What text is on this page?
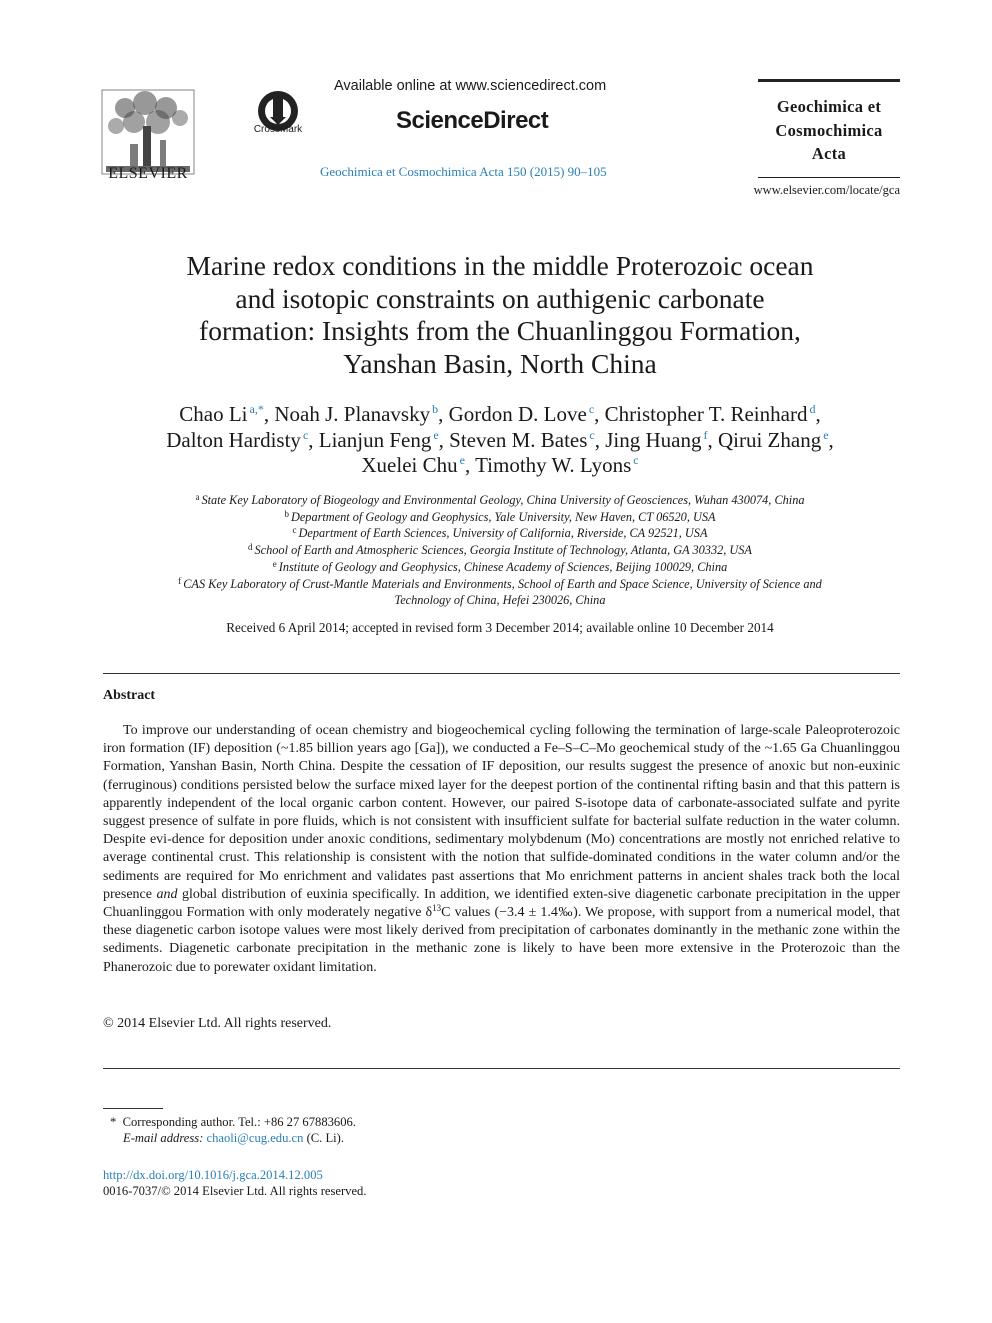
ELSEVIER
CrossMark
Available online at www.sciencedirect.com
ScienceDirect
Geochimica et Cosmochimica Acta 150 (2015) 90–105
Geochimica et
Cosmochimica
Acta
www.elsevier.com/locate/gca
Marine redox conditions in the middle Proterozoic ocean
and isotopic constraints on authigenic carbonate
formation: Insights from the Chuanlinggou Formation,
Yanshan Basin, North China
Chao Li $^{a,*}$, Noah J. Planavsky $^b$, Gordon D. Love $^c$, Christopher T. Reinhard $^d$,
Dalton Hardisty $^c$, Lianjun Feng $^e$, Steven M. Bates $^c$, Jing Huang $^f$, Qirui Zhang $^e$,
Xuelei Chu $^e$, Timothy W. Lyons $^c$
$^a$ State Key Laboratory of Biogeology and Environmental Geology, China University of Geosciences, Wuhan 430074, China
$^b$ Department of Geology and Geophysics, Yale University, New Haven, CT 06520, USA
$^c$ Department of Earth Sciences, University of California, Riverside, CA 92521, USA
$^d$ School of Earth and Atmospheric Sciences, Georgia Institute of Technology, Atlanta, GA 30332, USA
$^e$ Institute of Geology and Geophysics, Chinese Academy of Sciences, Beijing 100029, China
$^f$ CAS Key Laboratory of Crust-Mantle Materials and Environments, School of Earth and Space Science, University of Science and
Technology of China, Hefei 230026, China
Received 6 April 2014; accepted in revised form 3 December 2014; available online 10 December 2014
Abstract
To improve our understanding of ocean chemistry and biogeochemical cycling following the termination of large-scale Paleoproterozoic iron formation (IF) deposition (~1.85 billion years ago [Ga]), we conducted a Fe–S–C–Mo geochemical study of the ~1.65 Ga Chuanlinggou Formation, Yanshan Basin, North China. Despite the cessation of IF deposition, our results suggest the presence of anoxic but non-euxinic (ferruginous) conditions persisted below the surface mixed layer for the deepest portion of the continental rifting basin and that this pattern is apparently independent of the local organic carbon content. However, our paired S-isotope data of carbonate-associated sulfate and pyrite suggest presence of sulfate in pore fluids, which is not consistent with insufficient sulfate for bacterial sulfate reduction in the water column. Despite evi-dence for deposition under anoxic conditions, sedimentary molybdenum (Mo) concentrations are mostly not enriched relative to average continental crust. This relationship is consistent with the notion that sulfide-dominated conditions in the water column and/or the sediments are required for Mo enrichment and validates past assertions that Mo enrichment patterns in ancient shales track both the local presence and global distribution of euxinia specifically. In addition, we identified exten-sive diagenetic carbonate precipitation in the upper Chuanlinggou Formation with only moderately negative $\delta^{13}C$ values (−3.4 ± 1.4‰). We propose, with support from a numerical model, that these diagenetic carbon isotope values were most likely derived from precipitation of carbonates dominantly in the methanic zone within the sediments. Diagenetic carbonate precipitation in the methanic zone is likely to have been more extensive in the Proterozoic than the Phanerozoic due to porewater oxidant limitation.
© 2014 Elsevier Ltd. All rights reserved.
* Corresponding author. Tel.: +86 27 67883606.
E-mail address: chaoli@cug.edu.cn (C. Li).
http://dx.doi.org/10.1016/j.gca.2014.12.005
0016-7037/© 2014 Elsevier Ltd. All rights reserved.
